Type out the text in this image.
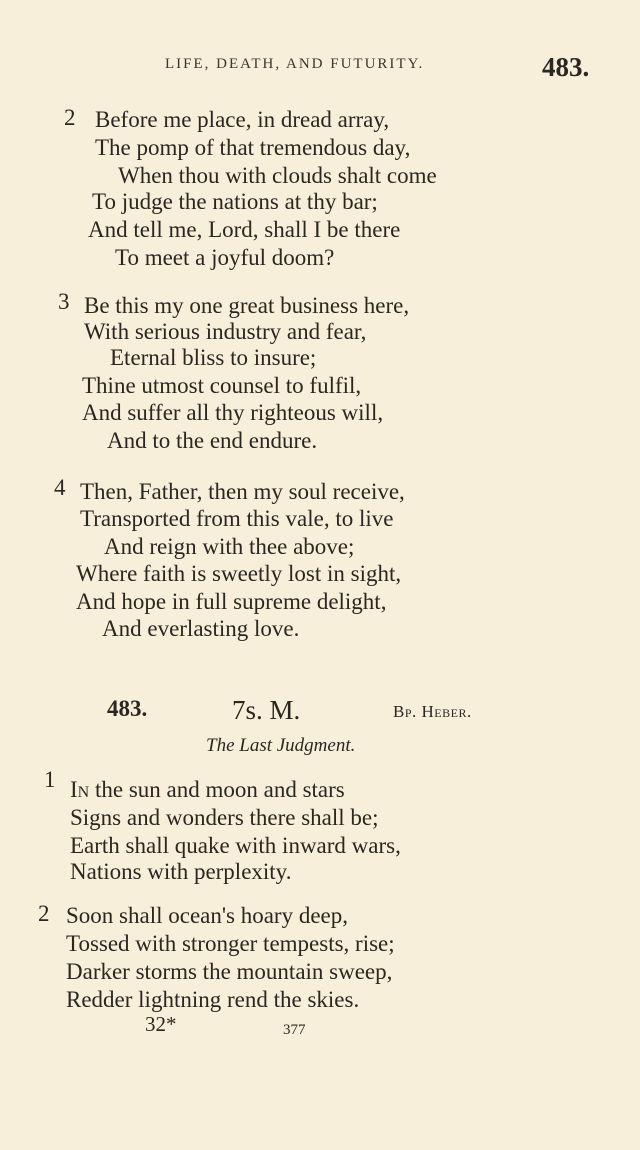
LIFE, DEATH, AND FUTURITY.	483.
2 Before me place, in dread array,
The pomp of that tremendous day,
When thou with clouds shalt come
To judge the nations at thy bar;
And tell me, Lord, shall I be there
To meet a joyful doom?
3 Be this my one great business here,
With serious industry and fear,
Eternal bliss to insure;
Thine utmost counsel to fulfil,
And suffer all thy righteous will,
And to the end endure.
4 Then, Father, then my soul receive,
Transported from this vale, to live
And reign with thee above;
Where faith is sweetly lost in sight,
And hope in full supreme delight,
And everlasting love.
483.	7s. M.	Bp. Heber.
The Last Judgment.
1 In the sun and moon and stars
Signs and wonders there shall be;
Earth shall quake with inward wars,
Nations with perplexity.
2 Soon shall ocean's hoary deep,
Tossed with stronger tempests, rise;
Darker storms the mountain sweep,
Redder lightning rend the skies.
32*	377
